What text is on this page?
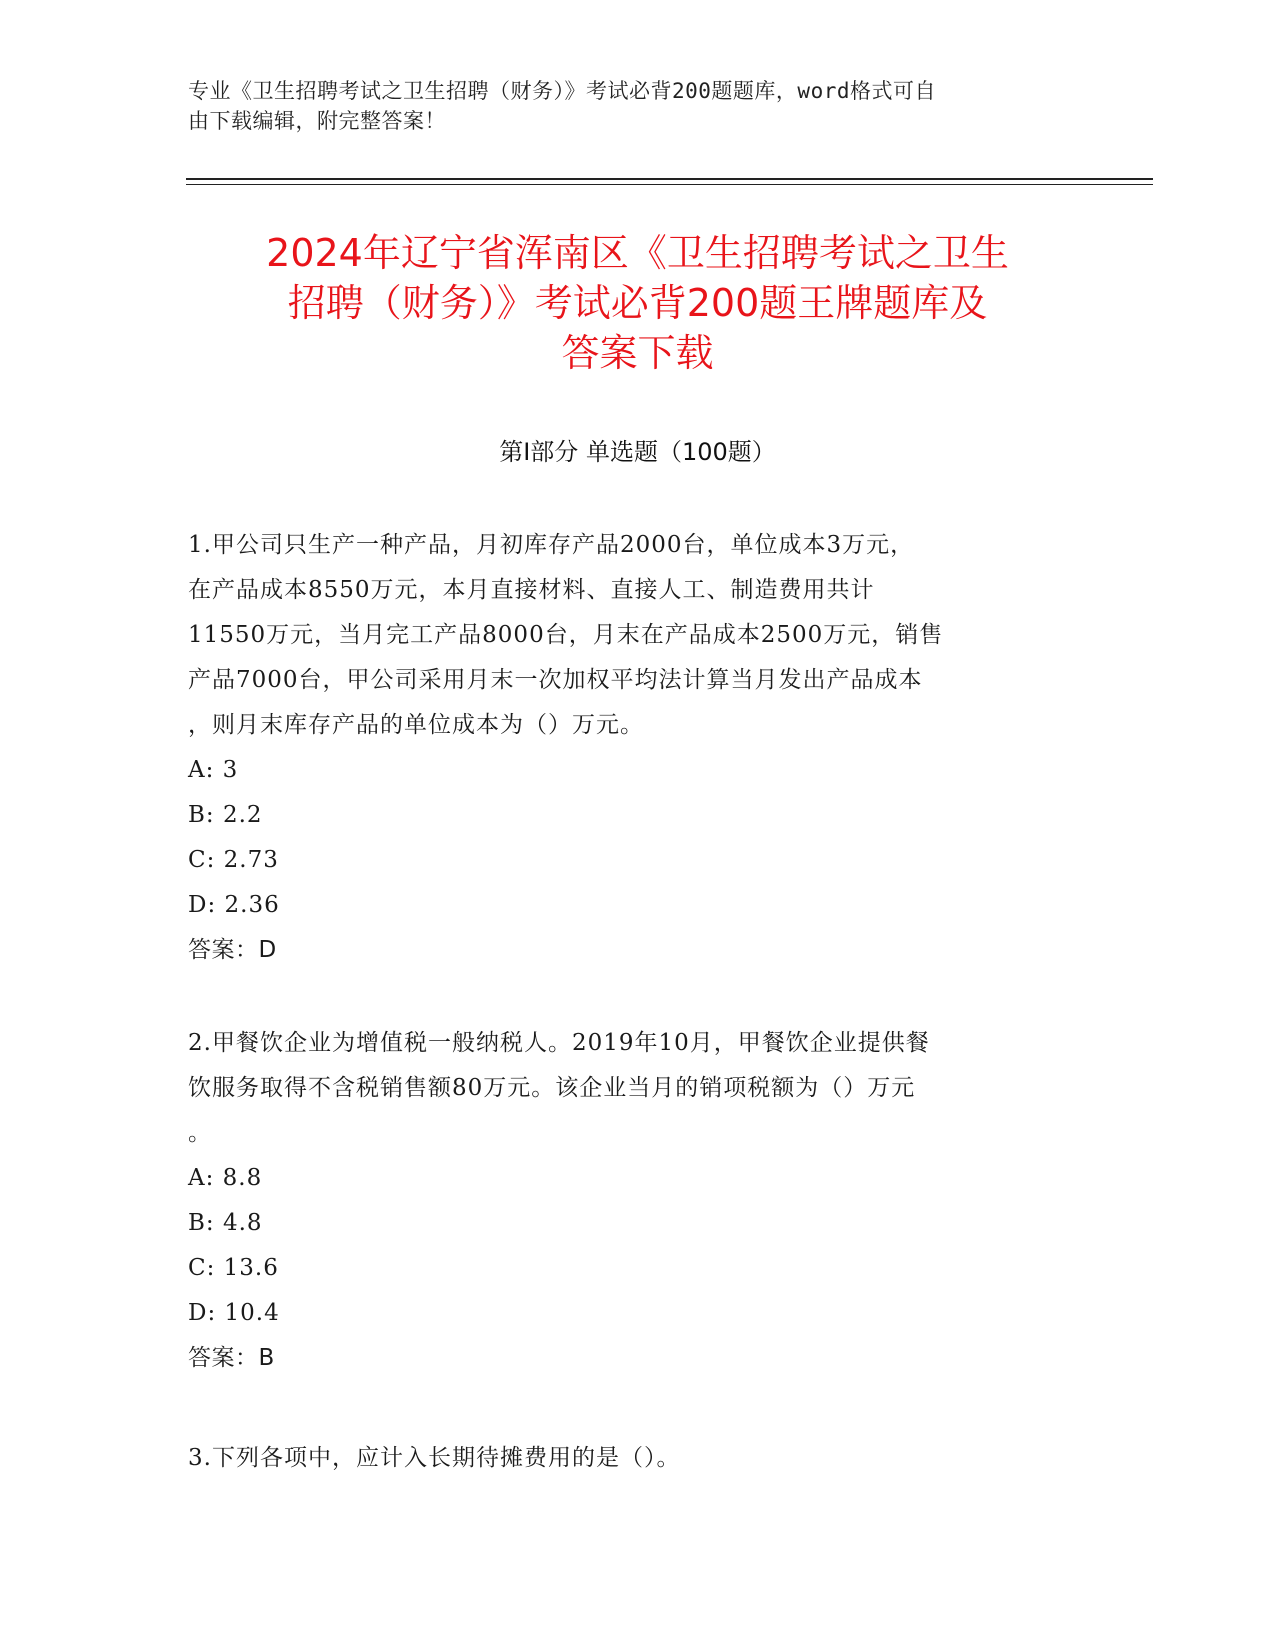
专业《卫生招聘考试之卫生招聘（财务）》考试必背200题题库，word格式可自
由下载编辑，附完整答案！
2024年辽宁省浑南区《卫生招聘考试之卫生
招聘（财务）》考试必背200题王牌题库及
答案下载
第Ⅰ部分 单选题（100题）
1.甲公司只生产一种产品，月初库存产品2000台，单位成本3万元，
在产品成本8550万元，本月直接材料、直接人工、制造费用共计
11550万元，当月完工产品8000台，月末在产品成本2500万元，销售
产品7000台，甲公司采用月末一次加权平均法计算当月发出产品成本
，则月末库存产品的单位成本为（）万元。
A: 3
B: 2.2
C: 2.73
D: 2.36
答案：D
2.甲餐饮企业为增值税一般纳税人。2019年10月，甲餐饮企业提供餐
饮服务取得不含税销售额80万元。该企业当月的销项税额为（）万元
。
A: 8.8
B: 4.8
C: 13.6
D: 10.4
答案：B
3.下列各项中，应计入长期待摊费用的是（）。
